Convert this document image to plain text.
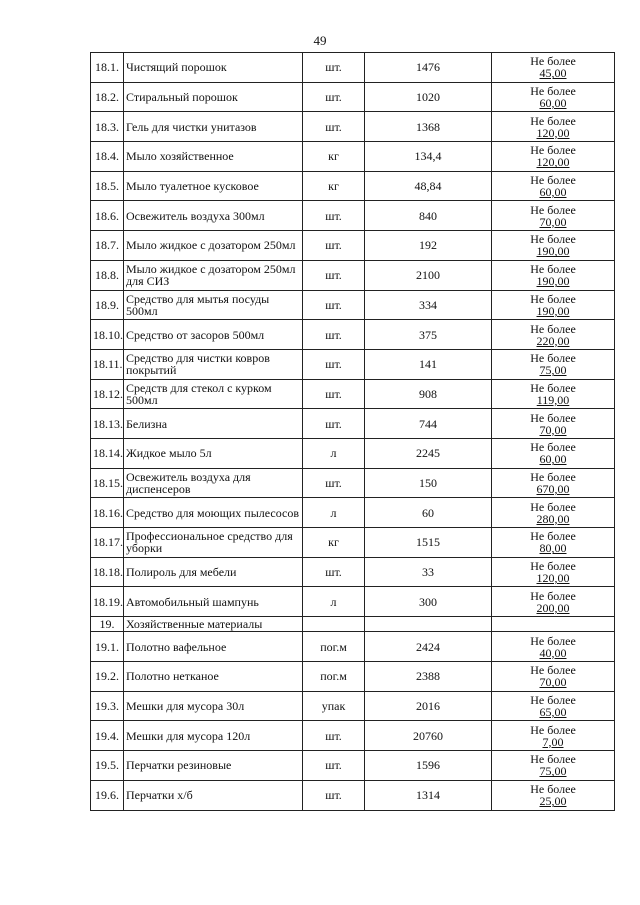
49
18.1.	Чистящий порошок	шт.	1476	Не более
45,00

18.2.	Стиральный порошок	шт.	1020	Не более
60,00

18.3.	Гель для чистки унитазов	шт.	1368	Не более
120,00

18.4.	Мыло хозяйственное	кг	134,4	Не более
120,00

18.5.	Мыло туалетное кусковое	кг	48,84	Не более
60,00

18.6.	Освежитель воздуха 300мл	шт.	840	Не более
70,00

18.7.	Мыло жидкое с дозатором 250мл	шт.	192	Не более
190,00

18.8.	Мыло жидкое с дозатором 250мл для СИЗ	шт.	2100	Не более
190,00

18.9.	Средство для мытья посуды 500мл	шт.	334	Не более
190,00

18.10.	Средство от засоров 500мл	шт.	375	Не более
220,00

18.11.	Средство для чистки ковров покрытий	шт.	141	Не более
75,00

18.12.	Средств для стекол с курком 500мл	шт.	908	Не более
119,00

18.13.	Белизна	шт.	744	Не более
70,00

18.14.	Жидкое мыло 5л	л	2245	Не более
60,00

18.15.	Освежитель воздуха для диспенсеров	шт.	150	Не более
670,00

18.16.	Средство для моющих пылесосов	л	60	Не более
280,00

18.17.	Профессиональное средство для уборки	кг	1515	Не более
80,00

18.18.	Полироль для мебели	шт.	33	Не более
120,00

18.19.	Автомобильный шампунь	л	300	Не более
200,00

19.	Хозяйственные материалы			

19.1.	Полотно вафельное	пог.м	2424	Не более
40,00

19.2.	Полотно нетканое	пог.м	2388	Не более
70,00

19.3.	Мешки для мусора 30л	упак	2016	Не более
65,00

19.4.	Мешки для мусора 120л	шт.	20760	Не более
7,00

19.5.	Перчатки резиновые	шт.	1596	Не более
75,00

19.6.	Перчатки х/б	шт.	1314	Не более
25,00
